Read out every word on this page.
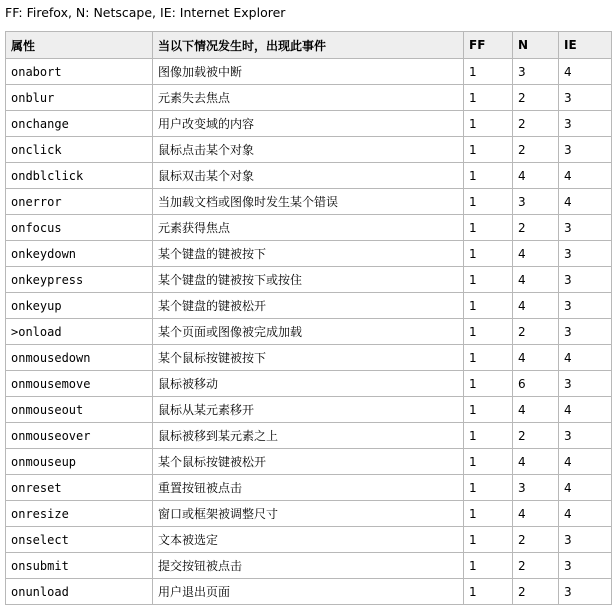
FF: Firefox, N: Netscape, IE: Internet Explorer
属性	当以下情况发生时，出现此事件	FF	N	IE
onabort	图像加载被中断	1	3	4
onblur	元素失去焦点	1	2	3
onchange	用户改变域的内容	1	2	3
onclick	鼠标点击某个对象	1	2	3
ondblclick	鼠标双击某个对象	1	4	4
onerror	当加载文档或图像时发生某个错误	1	3	4
onfocus	元素获得焦点	1	2	3
onkeydown	某个键盘的键被按下	1	4	3
onkeypress	某个键盘的键被按下或按住	1	4	3
onkeyup	某个键盘的键被松开	1	4	3
>onload	某个页面或图像被完成加载	1	2	3
onmousedown	某个鼠标按键被按下	1	4	4
onmousemove	鼠标被移动	1	6	3
onmouseout	鼠标从某元素移开	1	4	4
onmouseover	鼠标被移到某元素之上	1	2	3
onmouseup	某个鼠标按键被松开	1	4	4
onreset	重置按钮被点击	1	3	4
onresize	窗口或框架被调整尺寸	1	4	4
onselect	文本被选定	1	2	3
onsubmit	提交按钮被点击	1	2	3
onunload	用户退出页面	1	2	3
